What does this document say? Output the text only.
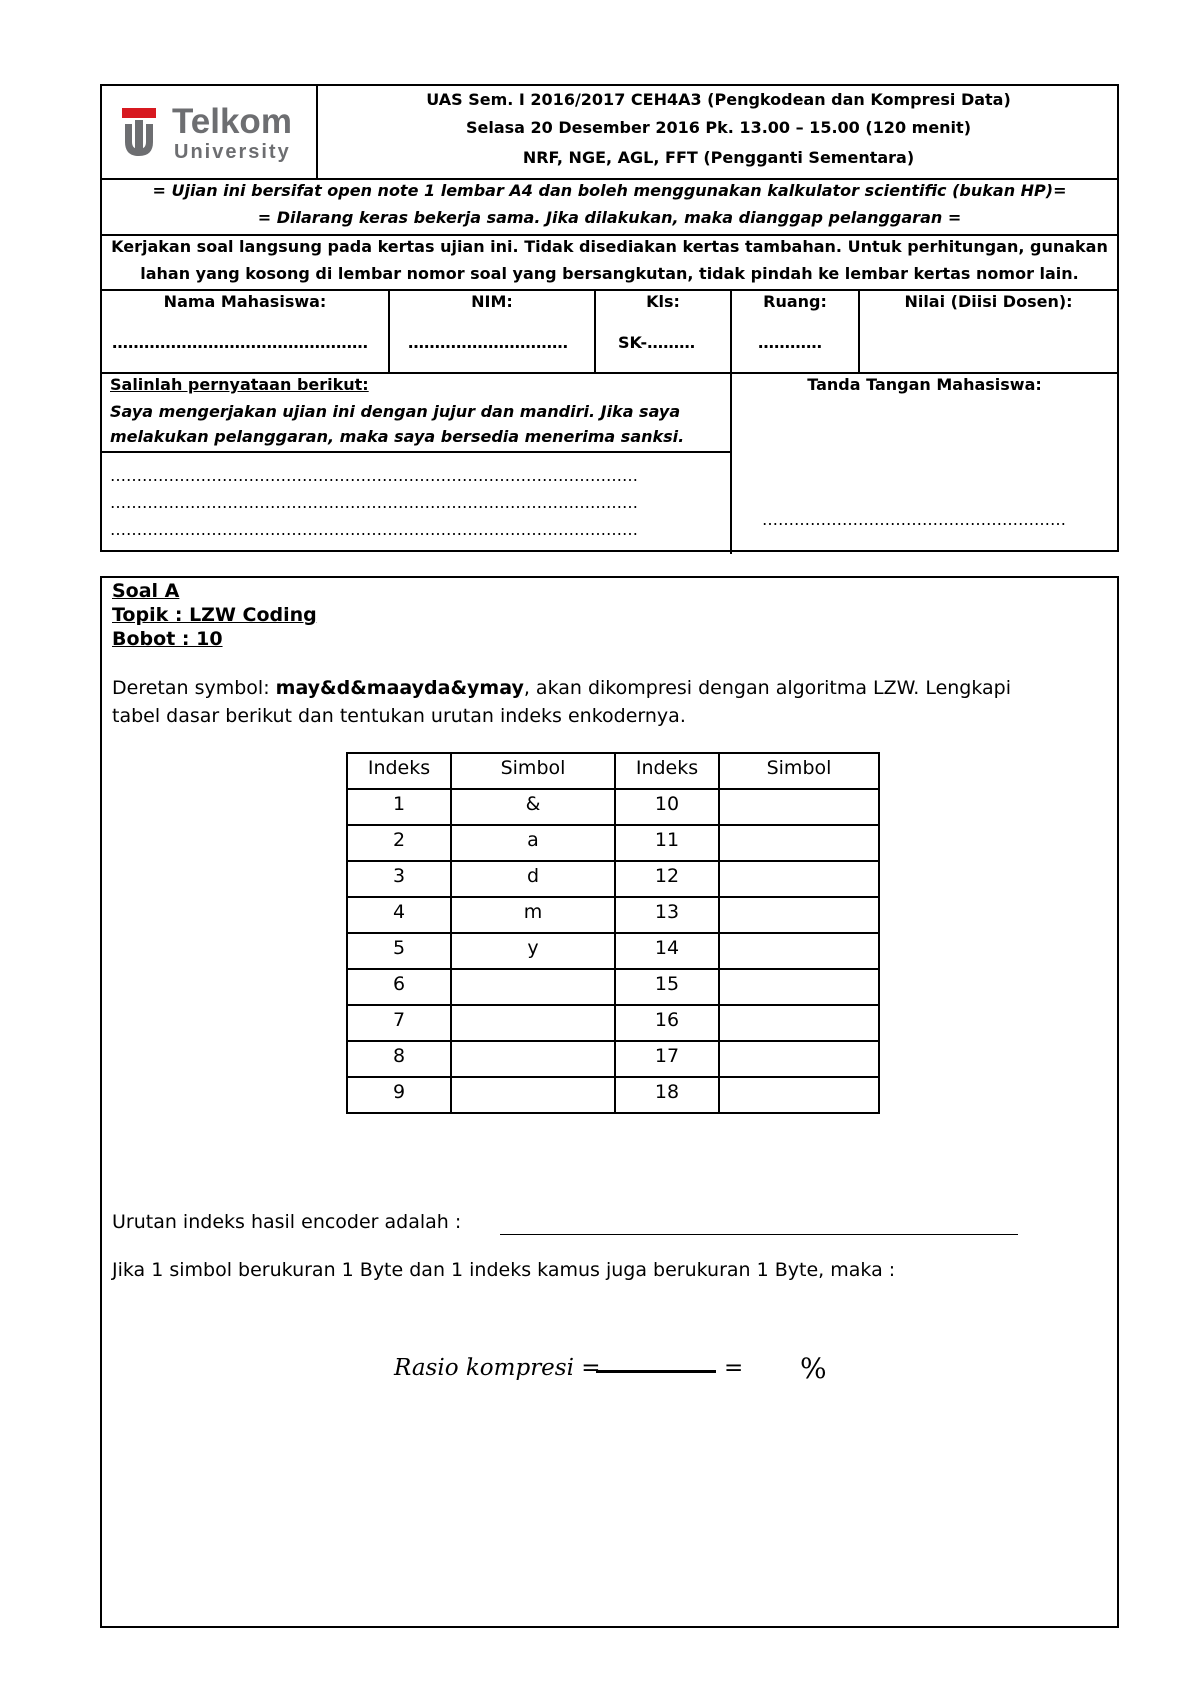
Telkom
University
UAS Sem. I 2016/2017 CEH4A3 (Pengkodean dan Kompresi Data)
Selasa 20 Desember 2016 Pk. 13.00 – 15.00 (120 menit)
NRF, NGE, AGL, FFT (Pengganti Sementara)
= Ujian ini bersifat open note 1 lembar A4 dan boleh menggunakan kalkulator scientific (bukan HP)=
= Dilarang keras bekerja sama. Jika dilakukan, maka dianggap pelanggaran =
Kerjakan soal langsung pada kertas ujian ini. Tidak disediakan kertas tambahan. Untuk perhitungan, gunakan
lahan yang kosong di lembar nomor soal yang bersangkutan, tidak pindah ke lembar kertas nomor lain.
Nama Mahasiswa:
…………………………………………
NIM:
…………………………
Kls:
SK-………
Ruang:
…………
Nilai (Diisi Dosen):
Salinlah pernyataan berikut:
Saya mengerjakan ujian ini dengan jujur dan mandiri. Jika saya
melakukan pelanggaran, maka saya bersedia menerima sanksi.
………………………………………………………………………………………
………………………………………………………………………………………
………………………………………………………………………………………
Tanda Tangan Mahasiswa:
…………………………………………………
Soal A
Topik : LZW Coding
Bobot : 10
Deretan symbol: may&d&maayda&ymay, akan dikompresi dengan algoritma LZW. Lengkapi
tabel dasar berikut dan tentukan urutan indeks enkodernya.
Indeks	Simbol	Indeks	Simbol
1	&	10	
2	a	11	
3	d	12	
4	m	13	
5	y	14	
6		15	
7		16	
8		17	
9		18	
Urutan indeks hasil encoder adalah :
Jika 1 simbol berukuran 1 Byte dan 1 indeks kamus juga berukuran 1 Byte, maka :
Rasio kompresi =	= %
